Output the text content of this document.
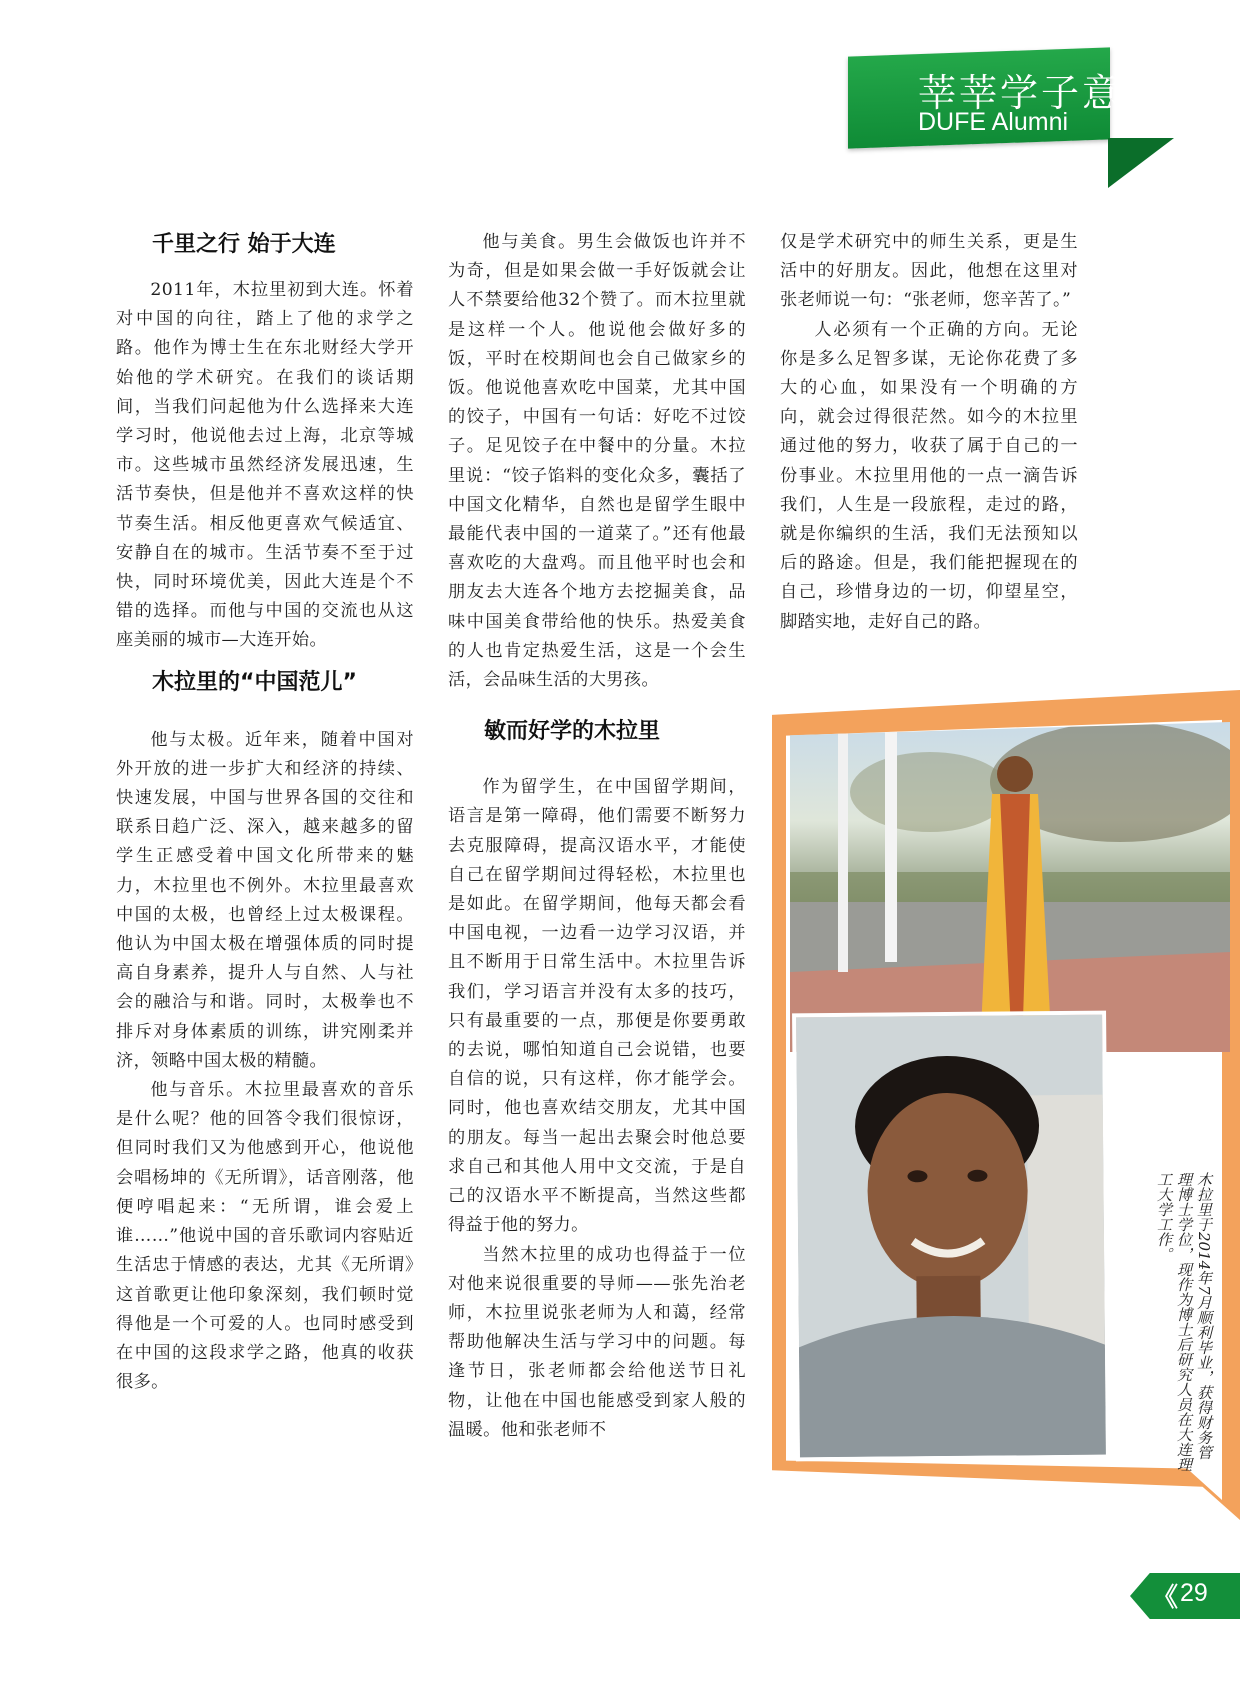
莘莘学子意
DUFE Alumni
千里之行 始于大连

2011年，木拉里初到大连。怀着对中国的向往，踏上了他的求学之路。他作为博士生在东北财经大学开始他的学术研究。在我们的谈话期间，当我们问起他为什么选择来大连学习时，他说他去过上海，北京等城市。这些城市虽然经济发展迅速，生活节奏快，但是他并不喜欢这样的快节奏生活。相反他更喜欢气候适宜、安静自在的城市。生活节奏不至于过快，同时环境优美，因此大连是个不错的选择。而他与中国的交流也从这座美丽的城市—大连开始。

木拉里的“中国范儿”

他与太极。近年来，随着中国对外开放的进一步扩大和经济的持续、快速发展，中国与世界各国的交往和联系日趋广泛、深入，越来越多的留学生正感受着中国文化所带来的魅力，木拉里也不例外。木拉里最喜欢中国的太极，也曾经上过太极课程。他认为中国太极在增强体质的同时提高自身素养，提升人与自然、人与社会的融洽与和谐。同时，太极拳也不排斥对身体素质的训练，讲究刚柔并济，领略中国太极的精髓。

他与音乐。木拉里最喜欢的音乐是什么呢？他的回答令我们很惊讶，但同时我们又为他感到开心，他说他会唱杨坤的《无所谓》，话音刚落，他便哼唱起来：“无所谓，谁会爱上谁……”他说中国的音乐歌词内容贴近生活忠于情感的表达，尤其《无所谓》这首歌更让他印象深刻，我们顿时觉得他是一个可爱的人。也同时感受到在中国的这段求学之路，他真的收获很多。

他与美食。男生会做饭也许并不为奇，但是如果会做一手好饭就会让人不禁要给他32个赞了。而木拉里就是这样一个人。他说他会做好多的饭，平时在校期间也会自己做家乡的饭。他说他喜欢吃中国菜，尤其中国的饺子，中国有一句话：好吃不过饺子。足见饺子在中餐中的分量。木拉里说：“饺子馅料的变化众多，囊括了中国文化精华，自然也是留学生眼中最能代表中国的一道菜了。”还有他最喜欢吃的大盘鸡。而且他平时也会和朋友去大连各个地方去挖掘美食，品味中国美食带给他的快乐。热爱美食的人也肯定热爱生活，这是一个会生活，会品味生活的大男孩。

敏而好学的木拉里

作为留学生，在中国留学期间，语言是第一障碍，他们需要不断努力去克服障碍，提高汉语水平，才能使自己在留学期间过得轻松，木拉里也是如此。在留学期间，他每天都会看中国电视，一边看一边学习汉语，并且不断用于日常生活中。木拉里告诉我们，学习语言并没有太多的技巧，只有最重要的一点，那便是你要勇敢的去说，哪怕知道自己会说错，也要自信的说，只有这样，你才能学会。同时，他也喜欢结交朋友，尤其中国的朋友。每当一起出去聚会时他总要求自己和其他人用中文交流，于是自己的汉语水平不断提高，当然这些都得益于他的努力。

当然木拉里的成功也得益于一位对他来说很重要的导师——张先治老师，木拉里说张老师为人和蔼，经常帮助他解决生活与学习中的问题。每逢节日，张老师都会给他送节日礼物，让他在中国也能感受到家人般的温暖。他和张老师不

仅是学术研究中的师生关系，更是生活中的好朋友。因此，他想在这里对张老师说一句：“张老师，您辛苦了。”

人必须有一个正确的方向。无论你是多么足智多谋，无论你花费了多大的心血，如果没有一个明确的方向，就会过得很茫然。如今的木拉里通过他的努力，收获了属于自己的一份事业。木拉里用他的一点一滴告诉我们，人生是一段旅程，走过的路，就是你编织的生活，我们无法预知以后的路途。但是，我们能把握现在的自己，珍惜身边的一切，仰望星空，脚踏实地，走好自己的路。

木拉里于2014年7月顺利毕业，获得财务管理博士学位，现作为博士后研究人员在大连理工大学工作。
《 29
